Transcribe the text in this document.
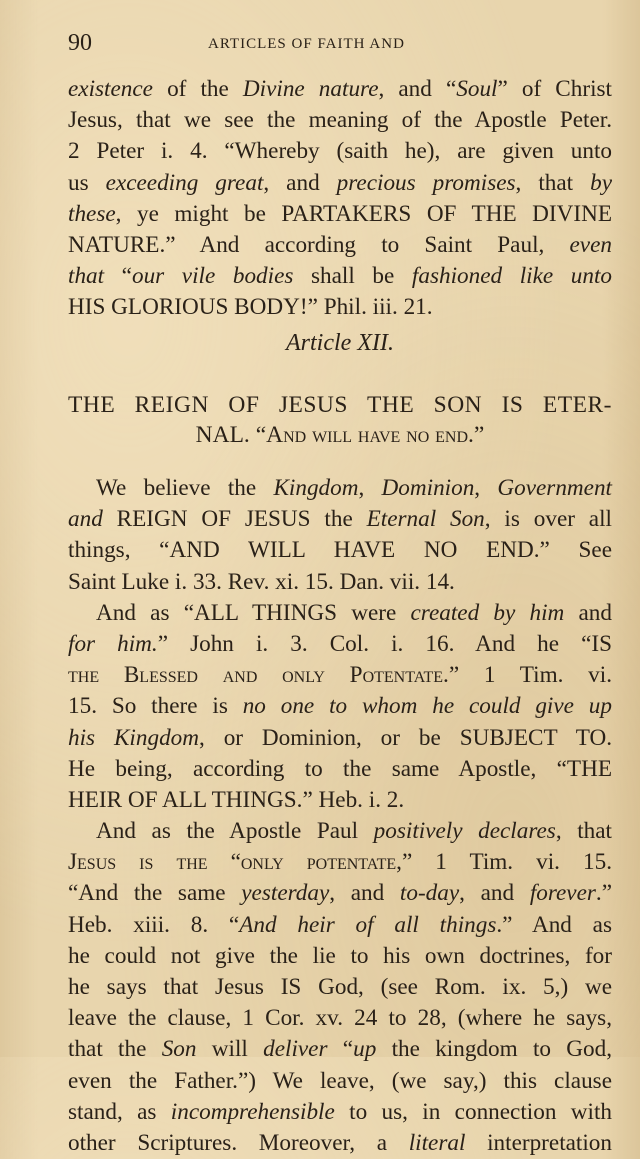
90	ARTICLES OF FAITH AND
existence of the Divine nature, and “Soul” of Christ
Jesus, that we see the meaning of the Apostle Peter.
2 Peter i. 4. “Whereby (saith he), are given unto
us exceeding great, and precious promises, that by
these, ye might be PARTAKERS OF THE DIVINE
NATURE.” And according to Saint Paul, even
that “our vile bodies shall be fashioned like unto
HIS GLORIOUS BODY!” Phil. iii. 21.
Article XII.
THE REIGN OF JESUS THE SON IS ETER-
NAL. “And will have no end.”
We believe the Kingdom, Dominion, Government
and REIGN OF JESUS the Eternal Son, is over all
things, “AND WILL HAVE NO END.” See
Saint Luke i. 33. Rev. xi. 15. Dan. vii. 14.
And as “ALL THINGS were created by him and
for him.” John i. 3. Col. i. 16. And he “IS
the Blessed and only Potentate.” 1 Tim. vi.
15. So there is no one to whom he could give up
his Kingdom, or Dominion, or be SUBJECT TO.
He being, according to the same Apostle, “THE
HEIR OF ALL THINGS.” Heb. i. 2.
And as the Apostle Paul positively declares, that
Jesus is the “only potentate,” 1 Tim. vi. 15.
“And the same yesterday, and to-day, and forever.”
Heb. xiii. 8. “And heir of all things.” And as
he could not give the lie to his own doctrines, for
he says that Jesus IS God, (see Rom. ix. 5,) we
leave the clause, 1 Cor. xv. 24 to 28, (where he says,
that the Son will deliver “up the kingdom to God,
even the Father.”) We leave, (we say,) this clause
stand, as incomprehensible to us, in connection with
other Scriptures. Moreover, a literal interpretation
